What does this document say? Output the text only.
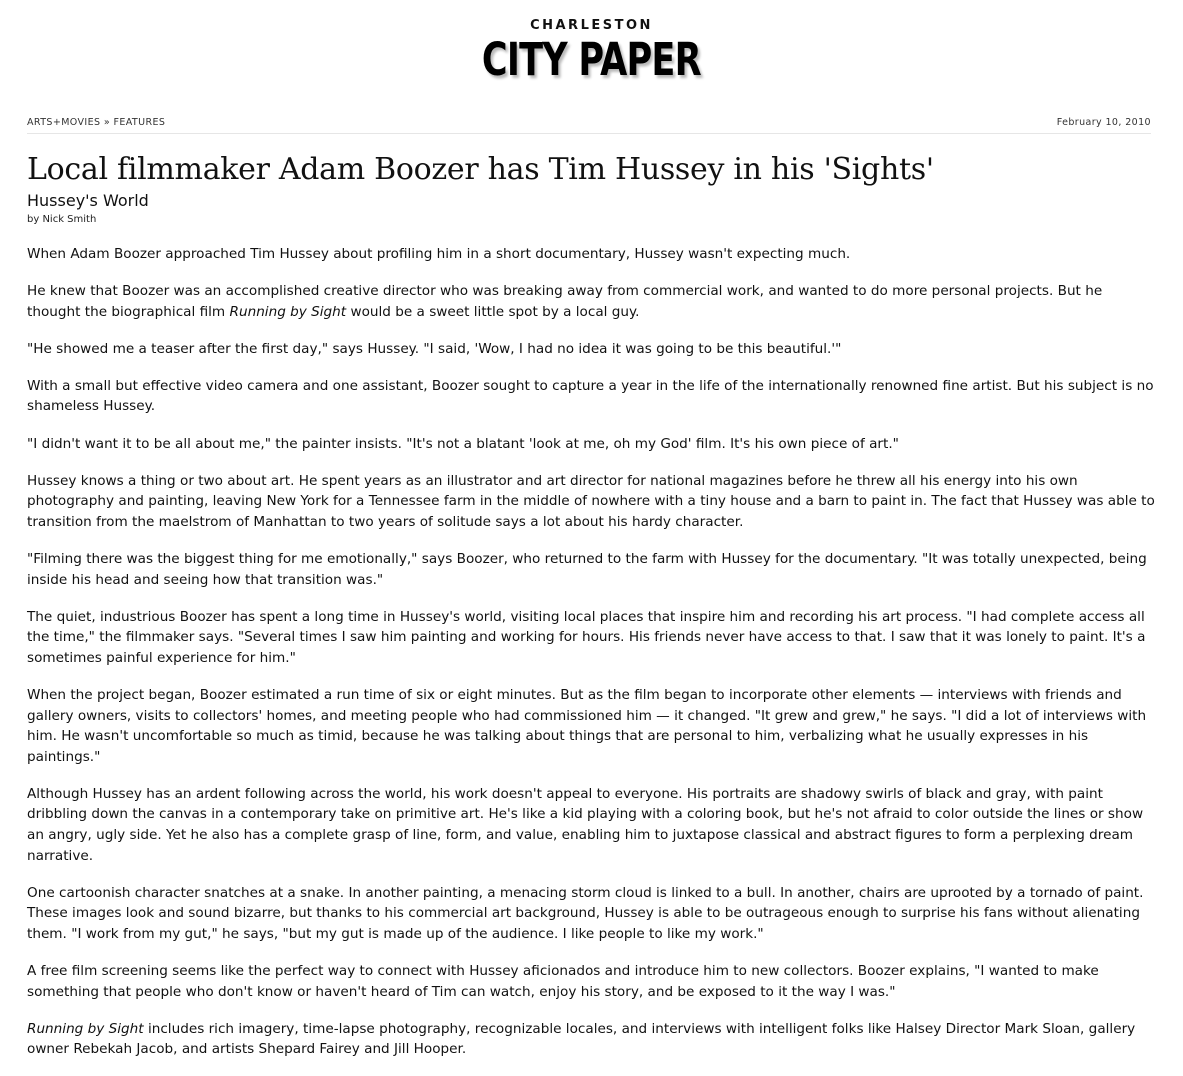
CHARLESTON
CITY PAPER
ARTS+MOVIES » FEATURES	February 10, 2010
Local filmmaker Adam Boozer has Tim Hussey in his 'Sights'
Hussey's World
by Nick Smith

When Adam Boozer approached Tim Hussey about profiling him in a short documentary, Hussey wasn't expecting much.

He knew that Boozer was an accomplished creative director who was breaking away from commercial work, and wanted to do more personal projects. But he thought the biographical film Running by Sight would be a sweet little spot by a local guy.

"He showed me a teaser after the first day," says Hussey. "I said, 'Wow, I had no idea it was going to be this beautiful.'"

With a small but effective video camera and one assistant, Boozer sought to capture a year in the life of the internationally renowned fine artist. But his subject is no shameless Hussey.

"I didn't want it to be all about me," the painter insists. "It's not a blatant 'look at me, oh my God' film. It's his own piece of art."

Hussey knows a thing or two about art. He spent years as an illustrator and art director for national magazines before he threw all his energy into his own photography and painting, leaving New York for a Tennessee farm in the middle of nowhere with a tiny house and a barn to paint in. The fact that Hussey was able to transition from the maelstrom of Manhattan to two years of solitude says a lot about his hardy character.

"Filming there was the biggest thing for me emotionally," says Boozer, who returned to the farm with Hussey for the documentary. "It was totally unexpected, being inside his head and seeing how that transition was."

The quiet, industrious Boozer has spent a long time in Hussey's world, visiting local places that inspire him and recording his art process. "I had complete access all the time," the filmmaker says. "Several times I saw him painting and working for hours. His friends never have access to that. I saw that it was lonely to paint. It's a sometimes painful experience for him."

When the project began, Boozer estimated a run time of six or eight minutes. But as the film began to incorporate other elements — interviews with friends and gallery owners, visits to collectors' homes, and meeting people who had commissioned him — it changed. "It grew and grew," he says. "I did a lot of interviews with him. He wasn't uncomfortable so much as timid, because he was talking about things that are personal to him, verbalizing what he usually expresses in his paintings."

Although Hussey has an ardent following across the world, his work doesn't appeal to everyone. His portraits are shadowy swirls of black and gray, with paint dribbling down the canvas in a contemporary take on primitive art. He's like a kid playing with a coloring book, but he's not afraid to color outside the lines or show an angry, ugly side. Yet he also has a complete grasp of line, form, and value, enabling him to juxtapose classical and abstract figures to form a perplexing dream narrative.

One cartoonish character snatches at a snake. In another painting, a menacing storm cloud is linked to a bull. In another, chairs are uprooted by a tornado of paint. These images look and sound bizarre, but thanks to his commercial art background, Hussey is able to be outrageous enough to surprise his fans without alienating them. "I work from my gut," he says, "but my gut is made up of the audience. I like people to like my work."

A free film screening seems like the perfect way to connect with Hussey aficionados and introduce him to new collectors. Boozer explains, "I wanted to make something that people who don't know or haven't heard of Tim can watch, enjoy his story, and be exposed to it the way I was."

Running by Sight includes rich imagery, time-lapse photography, recognizable locales, and interviews with intelligent folks like Halsey Director Mark Sloan, gallery owner Rebekah Jacob, and artists Shepard Fairey and Jill Hooper.
